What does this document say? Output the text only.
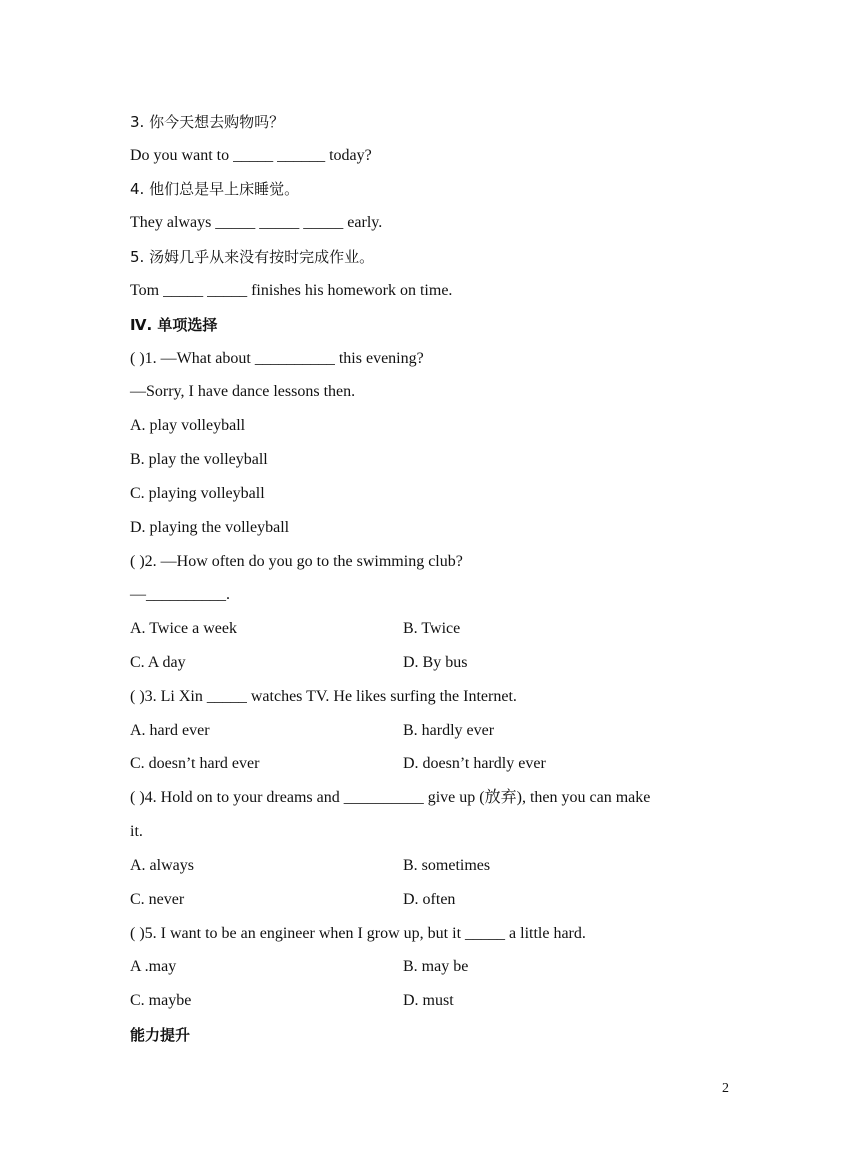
3. 你今天想去购物吗？
Do you want to _____ ______ today?
4. 他们总是早上床睡觉。
They always _____ _____ _____ early.
5. 汤姆几乎从来没有按时完成作业。
Tom _____ _____ finishes his homework on time.
Ⅳ. 单项选择
( )1. —What about __________ this evening?
—Sorry, I have dance lessons then.
A. play volleyball
B. play the volleyball
C. playing volleyball
D. playing the volleyball
( )2. —How often do you go to the swimming club?
—__________.
A. Twice a week	B. Twice
C. A day	D. By bus
( )3. Li Xin _____ watches TV. He likes surfing the Internet.
A. hard ever	B. hardly ever
C. doesn’t hard ever	D. doesn’t hardly ever
( )4. Hold on to your dreams and __________ give up (放弃), then you can make
it.
A. always	B. sometimes
C. never	D. often
( )5. I want to be an engineer when I grow up, but it _____ a little hard.
A .may	B. may be
C. maybe	D. must
能力提升
2
